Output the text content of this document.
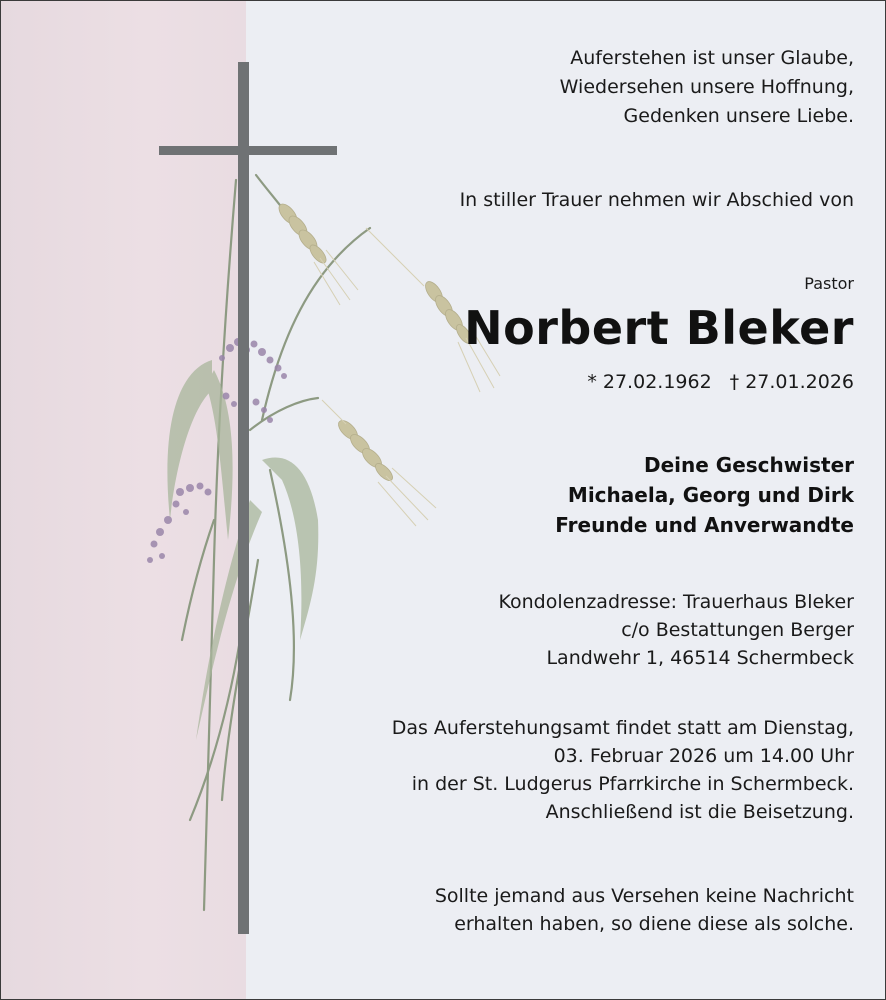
Auferstehen ist unser Glaube,
Wiedersehen unsere Hoffnung,
Gedenken unsere Liebe.
In stiller Trauer nehmen wir Abschied von
Pastor
Norbert Bleker
* 27.02.1962 † 27.01.2026
Deine Geschwister
Michaela, Georg und Dirk
Freunde und Anverwandte
Kondolenzadresse: Trauerhaus Bleker
c/o Bestattungen Berger
Landwehr 1, 46514 Schermbeck
Das Auferstehungsamt findet statt am Dienstag,
03. Februar 2026 um 14.00 Uhr
in der St. Ludgerus Pfarrkirche in Schermbeck.
Anschließend ist die Beisetzung.
Sollte jemand aus Versehen keine Nachricht
erhalten haben, so diene diese als solche.
